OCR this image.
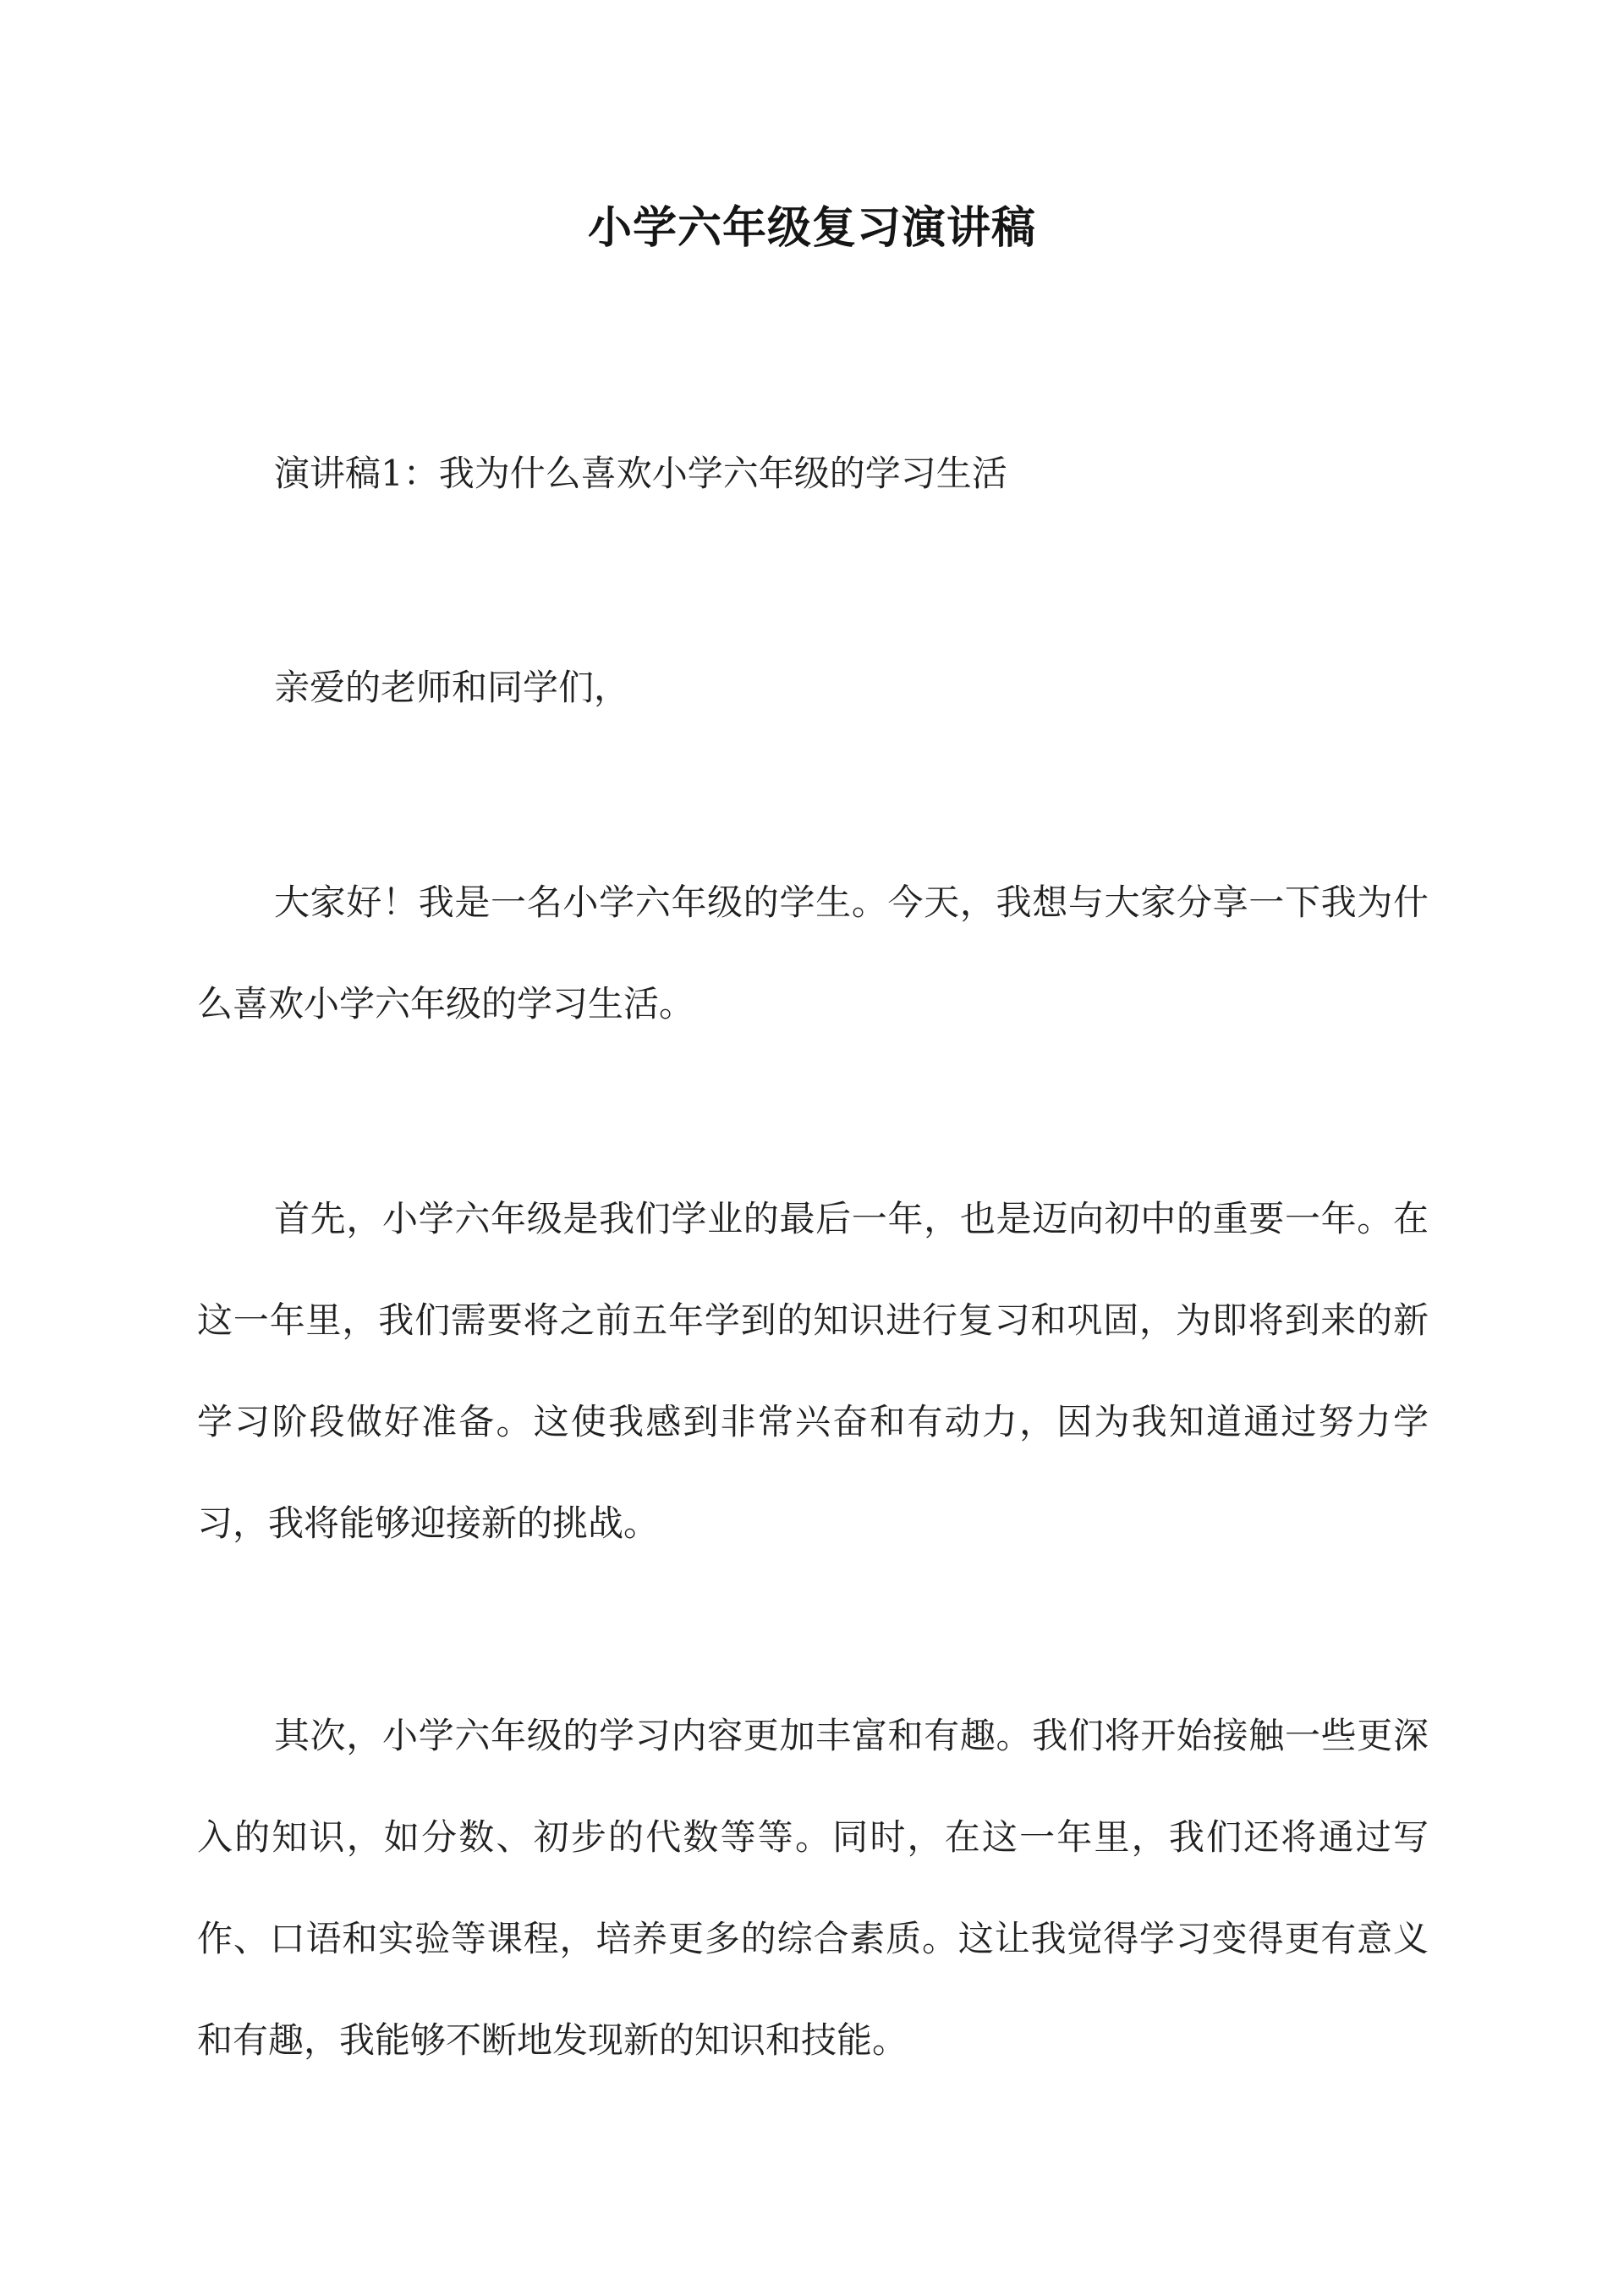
小学六年级复习演讲稿

演讲稿1：我为什么喜欢小学六年级的学习生活

亲爱的老师和同学们，

大家好！我是一名小学六年级的学生。今天，我想与大家分享一下我为什么喜欢小学六年级的学习生活。

首先，小学六年级是我们学业的最后一年，也是迈向初中的重要一年。在这一年里，我们需要将之前五年学到的知识进行复习和巩固，为即将到来的新学习阶段做好准备。这使我感到非常兴奋和有动力，因为我知道通过努力学习，我将能够迎接新的挑战。

其次，小学六年级的学习内容更加丰富和有趣。我们将开始接触一些更深入的知识，如分数、初步的代数等等。同时，在这一年里，我们还将通过写作、口语和实验等课程，培养更多的综合素质。这让我觉得学习变得更有意义和有趣，我能够不断地发现新的知识和技能。
